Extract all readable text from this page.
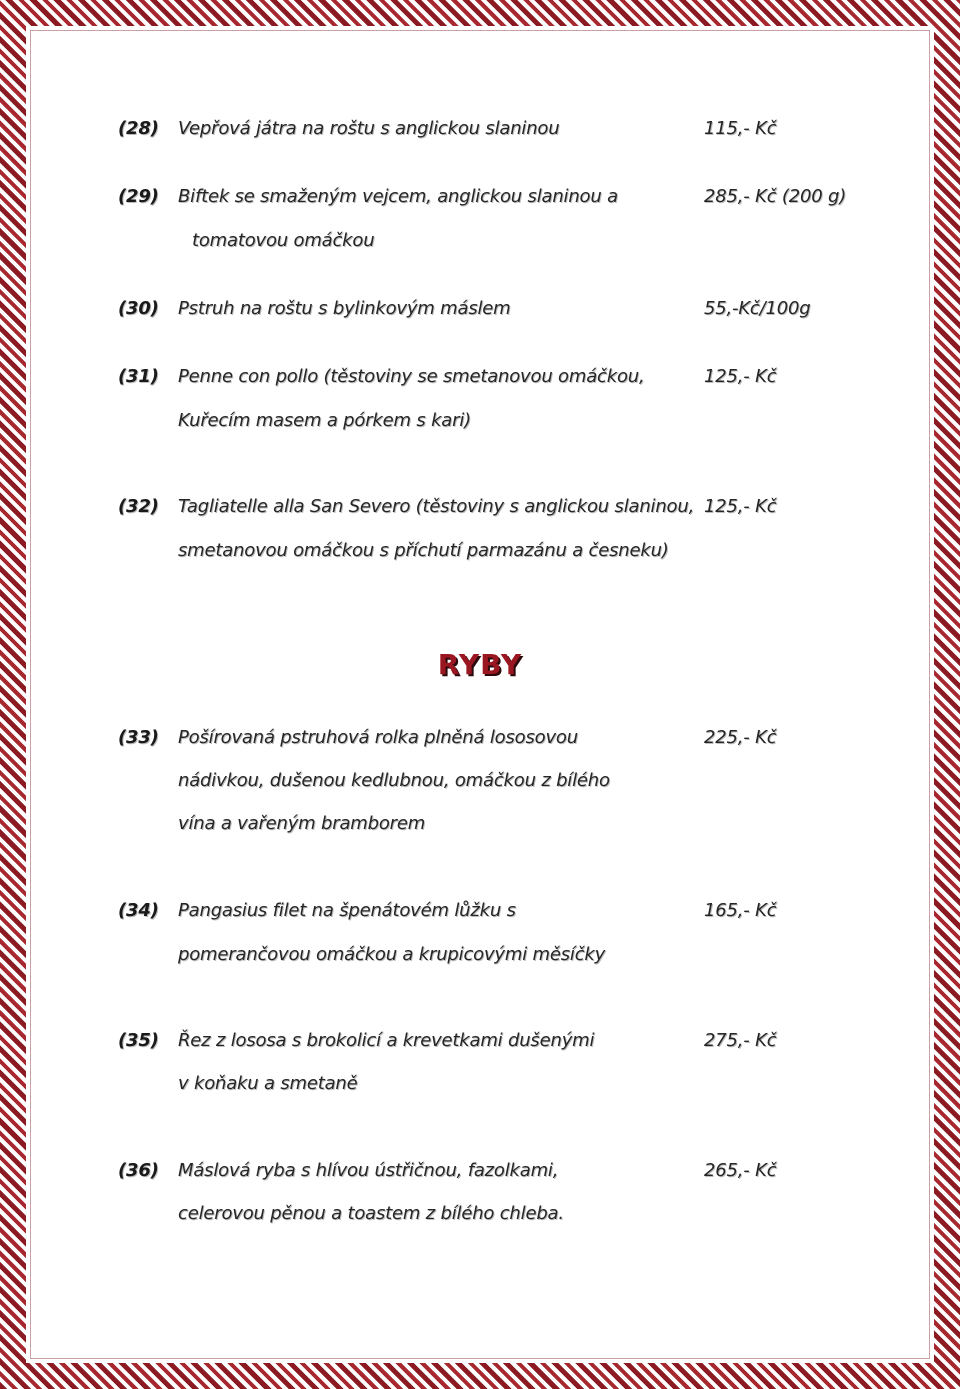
(28) Vepřová játra na roštu s anglickou slaninou	115,- Kč
(29) Biftek se smaženým vejcem, anglickou slaninou a	285,- Kč (200 g)
tomatovou omáčkou
(30) Pstruh na roštu s bylinkovým máslem	55,-Kč/100g
(31) Penne con pollo (těstoviny se smetanovou omáčkou,	125,- Kč
Kuřecím masem a pórkem s kari)
(32) Tagliatelle alla San Severo (těstoviny s anglickou slaninou, 125,- Kč
smetanovou omáčkou s příchutí parmazánu a česneku)
RYBY
(33) Pošírovaná pstruhová rolka plněná lososovou	225,- Kč
nádivkou, dušenou kedlubnou, omáčkou z bílého
vína a vařeným bramborem
(34) Pangasius filet na špenátovém lůžku s	165,- Kč
pomerančovou omáčkou a krupicovými měsíčky
(35) Řez z lososa s brokolicí a krevetkami dušenými	275,- Kč
v koňaku a smetaně
(36) Máslová ryba s hlívou ústřičnou, fazolkami,	265,- Kč
celerovou pěnou a toastem z bílého chleba.
